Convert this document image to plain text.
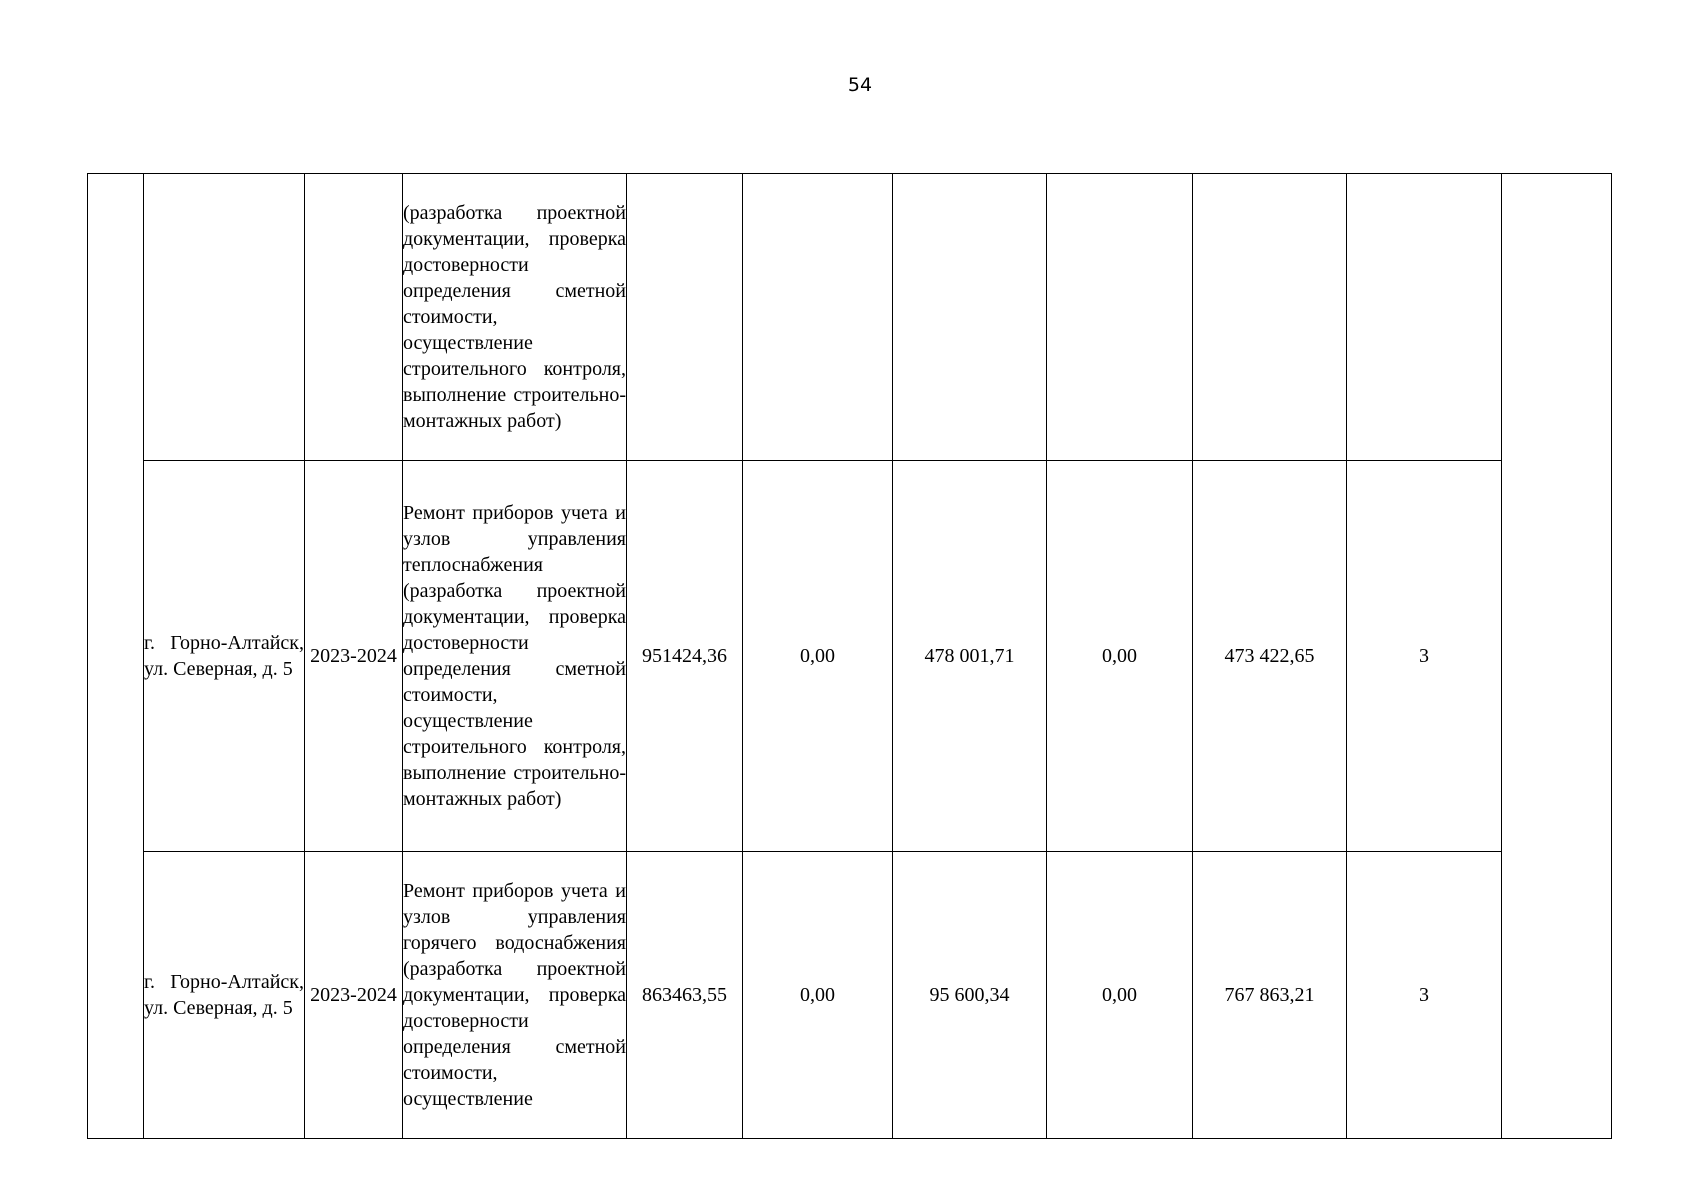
54

			(разработка проектной документации, проверка достоверности определения сметной стоимости, осуществление строительного контроля, выполнение строительно-монтажных работ)							

	г. Горно-Алтайск, ул. Северная, д. 5	2023-2024	Ремонт приборов учета и узлов управления теплоснабжения (разработка проектной документации, проверка достоверности определения сметной стоимости, осуществление строительного контроля, выполнение строительно-монтажных работ)	951424,36	0,00	478 001,71	0,00	473 422,65	3	
	г. Горно-Алтайск, ул. Северная, д. 5	2023-2024	Ремонт приборов учета и узлов управления горячего водоснабжения (разработка проектной документации, проверка достоверности определения сметной стоимости, осуществление	863463,55	0,00	95 600,34	0,00	767 863,21	3	
